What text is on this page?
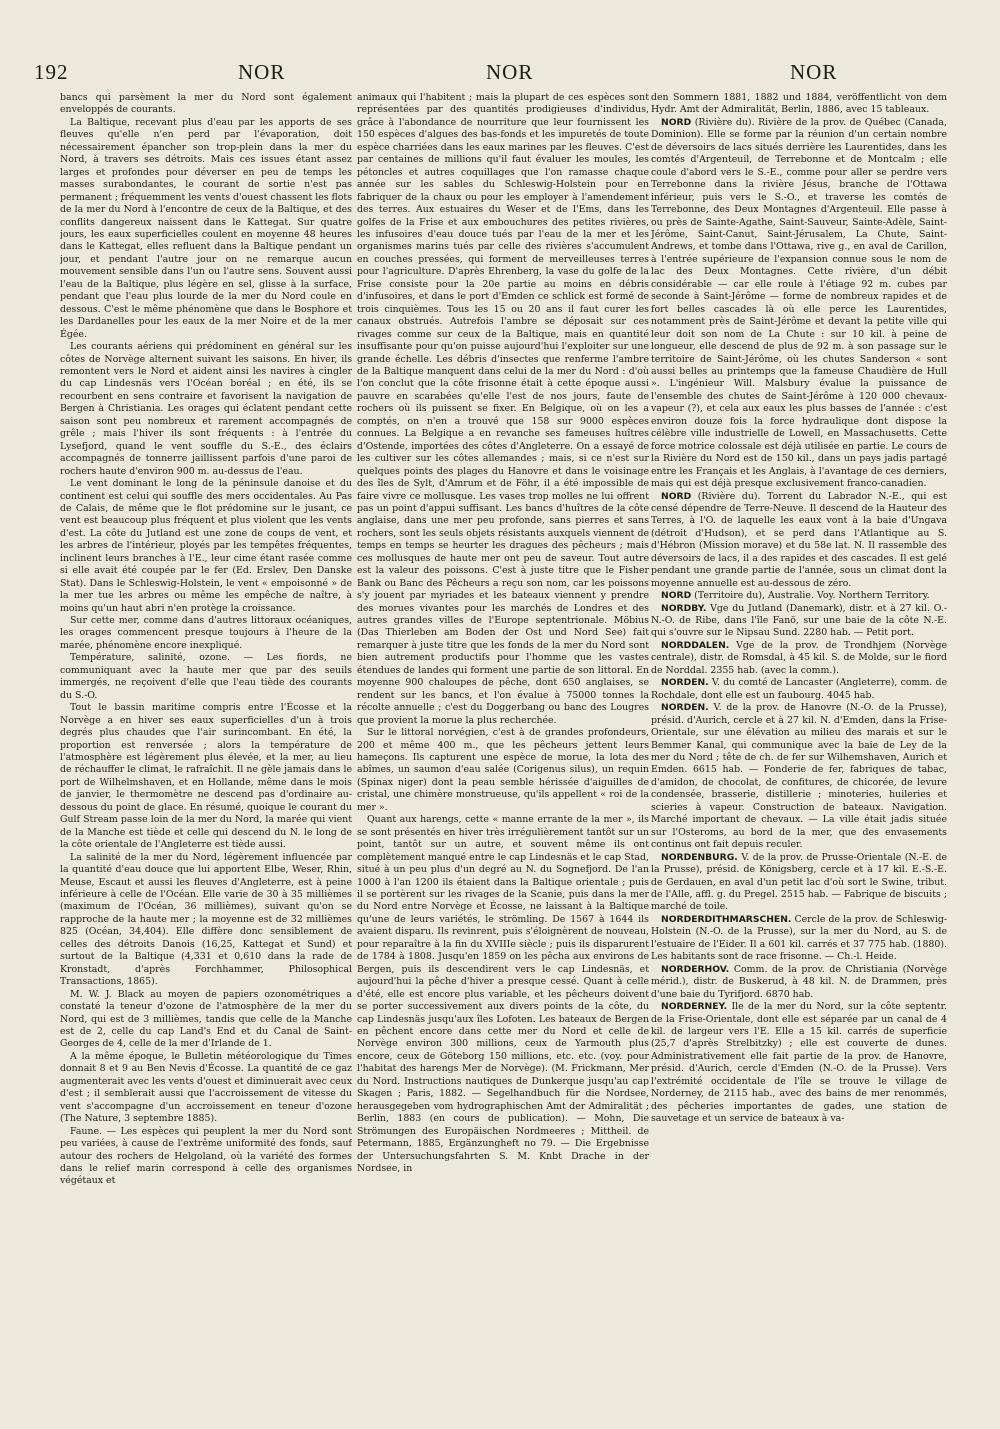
192	NOR	NOR	NOR

bancs qui parsèment la mer du Nord sont également enveloppés de courants.

La Baltique, recevant plus d'eau par les apports de ses fleuves qu'elle n'en perd par l'évaporation, doit nécessairement épancher son trop-plein dans la mer du Nord, à travers ses détroits. Mais ces issues étant assez larges et profondes pour déverser en peu de temps les masses surabondantes, le courant de sortie n'est pas permanent ; fréquemment les vents d'ouest chassent les flots de la mer du Nord à l'encontre de ceux de la Baltique, et des conflits dangereux naissent dans le Kattegat. Sur quatre jours, les eaux superficielles coulent en moyenne 48 heures dans le Kattegat, elles refluent dans la Baltique pendant un jour, et pendant l'autre jour on ne remarque aucun mouvement sensible dans l'un ou l'autre sens. Souvent aussi l'eau de la Baltique, plus légère en sel, glisse à la surface, pendant que l'eau plus lourde de la mer du Nord coule en dessous. C'est le même phénomène que dans le Bosphore et les Dardanelles pour les eaux de la mer Noire et de la mer Égée.

Les courants aériens qui prédominent en général sur les côtes de Norvège alternent suivant les saisons. En hiver, ils remontent vers le Nord et aident ainsi les navires à cingler du cap Lindesnäs vers l'Océan boréal ; en été, ils se recourbent en sens contraire et favorisent la navigation de Bergen à Christiania. Les orages qui éclatent pendant cette saison sont peu nombreux et rarement accompagnés de grêle ; mais l'hiver ils sont fréquents : à l'entrée du Lysefjord, quand le vent souffle du S.-E., des éclairs accompagnés de tonnerre jaillissent parfois d'une paroi de rochers haute d'environ 900 m. au-dessus de l'eau.

Le vent dominant le long de la péninsule danoise et du continent est celui qui souffle des mers occidentales. Au Pas de Calais, de même que le flot prédomine sur le jusant, ce vent est beaucoup plus fréquent et plus violent que les vents d'est. La côte du Jutland est une zone de coups de vent, et les arbres de l'intérieur, ployés par les tempêtes fréquentes, inclinent leurs branches à l'E., leur cime étant rasée comme si elle avait été coupée par le fer (Ed. Erslev, Den Danske Stat). Dans le Schleswig-Holstein, le vent « empoisonné » de la mer tue les arbres ou même les empêche de naître, à moins qu'un haut abri n'en protège la croissance.

Sur cette mer, comme dans d'autres littoraux océaniques, les orages commencent presque toujours à l'heure de la marée, phénomène encore inexpliqué.

Température, salinité, ozone. — Les fiords, ne communiquant avec la haute mer que par des seuils immergés, ne reçoivent d'elle que l'eau tiède des courants du S.-O.

Tout le bassin maritime compris entre l'Écosse et la Norvège a en hiver ses eaux superficielles d'un à trois degrés plus chaudes que l'air surincombant. En été, la proportion est renversée ; alors la température de l'atmosphère est légèrement plus élevée, et la mer, au lieu de réchauffer le climat, le rafraîchit. Il ne gèle jamais dans le port de Wilhelmshaven, et en Hollande, même dans le mois de janvier, le thermomètre ne descend pas d'ordinaire au-dessous du point de glace. En résumé, quoique le courant du Gulf Stream passe loin de la mer du Nord, la marée qui vient de la Manche est tiède et celle qui descend du N. le long de la côte orientale de l'Angleterre est tiède aussi.

La salinité de la mer du Nord, légèrement influencée par la quantité d'eau douce que lui apportent Elbe, Weser, Rhin, Meuse, Escaut et aussi les fleuves d'Angleterre, est à peine inférieure à celle de l'Océan. Elle varie de 30 à 35 millièmes (maximum de l'Océan, 36 millièmes), suivant qu'on se rapproche de la haute mer ; la moyenne est de 32 millièmes 825 (Océan, 34,404). Elle diffère donc sensiblement de celles des détroits Danois (16,25, Kattegat et Sund) et surtout de la Baltique (4,331 et 0,610 dans la rade de Kronstadt, d'après Forchhammer, Philosophical Transactions, 1865).

M. W. J. Black au moyen de papiers ozonométriques a constaté la teneur d'ozone de l'atmosphère de la mer du Nord, qui est de 3 millièmes, tandis que celle de la Manche est de 2, celle du cap Land's End et du Canal de Saint-Georges de 4, celle de la mer d'Irlande de 1.

A la même époque, le Bulletin météorologique du Times donnait 8 et 9 au Ben Nevis d'Écosse. La quantité de ce gaz augmenterait avec les vents d'ouest et diminuerait avec ceux d'est ; il semblerait aussi que l'accroissement de vitesse du vent s'accompagne d'un accroissement en teneur d'ozone (The Nature, 3 septembre 1885).

Faune. — Les espèces qui peuplent la mer du Nord sont peu variées, à cause de l'extrême uniformité des fonds, sauf autour des rochers de Helgoland, où la variété des formes dans le relief marin correspond à celle des organismes végétaux et

animaux qui l'habitent ; mais la plupart de ces espèces sont représentées par des quantités prodigieuses d'individus, grâce à l'abondance de nourriture que leur fournissent les 150 espèces d'algues des bas-fonds et les impuretés de toute espèce charriées dans les eaux marines par les fleuves. C'est par centaines de millions qu'il faut évaluer les moules, les pétoncles et autres coquillages que l'on ramasse chaque année sur les sables du Schleswig-Holstein pour en fabriquer de la chaux ou pour les employer à l'amendement des terres. Aux estuaires du Weser et de l'Ems, dans les golfes de la Frise et aux embouchures des petites rivières, les infusoires d'eau douce tués par l'eau de la mer et les organismes marins tués par celle des rivières s'accumulent en couches pressées, qui forment de merveilleuses terres pour l'agriculture. D'après Ehrenberg, la vase du golfe de la Frise consiste pour la 20e partie au moins en débris d'infusoires, et dans le port d'Emden ce schlick est formé de trois cinquièmes. Tous les 15 ou 20 ans il faut curer les canaux obstrués. Autrefois l'ambre se déposait sur ces rivages comme sur ceux de la Baltique, mais en quantité insuffisante pour qu'on puisse aujourd'hui l'exploiter sur une grande échelle. Les débris d'insectes que renferme l'ambre de la Baltique manquent dans celui de la mer du Nord : d'où l'on conclut que la côte frisonne était à cette époque aussi pauvre en scarabées qu'elle l'est de nos jours, faute de rochers où ils puissent se fixer. En Belgique, où on les a comptés, on n'en a trouvé que 158 sur 9000 espèces connues. La Belgique a en revanche ses fameuses huîtres d'Ostende, importées des côtes d'Angleterre. On a essayé de les cultiver sur les côtes allemandes ; mais, si ce n'est sur quelques points des plages du Hanovre et dans le voisinage des îles de Sylt, d'Amrum et de Föhr, il a été impossible de faire vivre ce mollusque. Les vases trop molles ne lui offrent pas un point d'appui suffisant. Les bancs d'huîtres de la côte anglaise, dans une mer peu profonde, sans pierres et sans rochers, sont les seuls objets résistants auxquels viennent de temps en temps se heurter les dragues des pêcheurs ; mais ces mollusques de haute mer ont peu de saveur. Tout autre est la valeur des poissons. C'est à juste titre que le Fisher Bank ou Banc des Pêcheurs a reçu son nom, car les poissons s'y jouent par myriades et les bateaux viennent y prendre des morues vivantes pour les marchés de Londres et des autres grandes villes de l'Europe septentrionale. Möbius (Das Thierleben am Boden der Ost und Nord See) fait remarquer à juste titre que les fonds de la mer du Nord sont bien autrement productifs pour l'homme que les vastes étendues de landes qui forment une partie de son littoral. En moyenne 900 chaloupes de pêche, dont 650 anglaises, se rendent sur les bancs, et l'on évalue à 75000 tonnes la récolte annuelle ; c'est du Doggerbang ou banc des Lougres que provient la morue la plus recherchée.

Sur le littoral norvégien, c'est à de grandes profondeurs, 200 et même 400 m., que les pêcheurs jettent leurs hameçons. Ils capturent une espèce de morue, la lota des abîmes, un saumon d'eau salée (Corigenus silus), un requin (Spinax niger) dont la peau semble hérissée d'aiguilles de cristal, une chimère monstrueuse, qu'ils appellent « roi de la mer ».

Quant aux harengs, cette « manne errante de la mer », ils se sont présentés en hiver très irrégulièrement tantôt sur un point, tantôt sur un autre, et souvent même ils ont complètement manqué entre le cap Lindesnäs et le cap Stad, situé à un peu plus d'un degré au N. du Sognefjord. De l'an 1000 à l'an 1200 ils étaient dans la Baltique orientale ; puis il se portèrent sur les rivages de la Scanie, puis dans la mer du Nord entre Norvège et Écosse, ne laissant à la Baltique qu'une de leurs variétés, le strömling. De 1567 à 1644 ils avaient disparu. Ils revinrent, puis s'éloignèrent de nouveau, pour reparaître à la fin du XVIIIe siècle ; puis ils disparurent de 1784 à 1808. Jusqu'en 1859 on les pêcha aux environs de Bergen, puis ils descendirent vers le cap Lindesnäs, et aujourd'hui la pêche d'hiver a presque cessé. Quant à celle d'été, elle est encore plus variable, et les pêcheurs doivent se porter successivement aux divers points de la côte, du cap Lindesnäs jusqu'aux îles Lofoten. Les bateaux de Bergen en pêchent encore dans cette mer du Nord et celle de Norvège environ 300 millions, ceux de Yarmouth plus encore, ceux de Göteborg 150 millions, etc. etc. (voy. pour l'habitat des harengs Mer de Norvège). (M. Frickmann, Mer du Nord. Instructions nautiques de Dunkerque jusqu'au cap Skagen ; Paris, 1882. — Segelhandbuch für die Nordsee, herausgegeben vom hydrographischen Amt der Admiralität ; Berlin, 1883 (en cours de publication). — Mohn, Die Strömungen des Europäischen Nordmeeres ; Mittheil. de Petermann, 1885, Ergänzungheft no 79. — Die Ergebnisse der Untersuchungsfahrten S. M. Knbt Drache in der Nordsee, in

den Sommern 1881, 1882 und 1884, veröffentlicht von dem Hydr. Amt der Admiralität, Berlin, 1886, avec 15 tableaux.

NORD (Rivière du). Rivière de la prov. de Québec (Canada, Dominion). Elle se forme par la réunion d'un certain nombre de déversoirs de lacs situés derrière les Laurentides, dans les comtés d'Argenteuil, de Terrebonne et de Montcalm ; elle coule d'abord vers le S.-E., comme pour aller se perdre vers Terrebonne dans la rivière Jésus, branche de l'Ottawa inférieur, puis vers le S.-O., et traverse les comtés de Terrebonne, des Deux Montagnes d'Argenteuil. Elle passe à ou près de Sainte-Agathe, Saint-Sauveur, Sainte-Adèle, Saint-Jérôme, Saint-Canut, Saint-Jérusalem, La Chute, Saint-Andrews, et tombe dans l'Ottawa, rive g., en aval de Carillon, à l'entrée supérieure de l'expansion connue sous le nom de lac des Deux Montagnes. Cette rivière, d'un débit considérable — car elle roule à l'étiage 92 m. cubes par seconde à Saint-Jérôme — forme de nombreux rapides et de fort belles cascades là où elle perce les Laurentides, notamment près de Saint-Jérôme et devant la petite ville qui leur doit son nom de La Chute : sur 10 kil. à peine de longueur, elle descend de plus de 92 m. à son passage sur le territoire de Saint-Jérôme, où les chutes Sanderson « sont aussi belles au printemps que la fameuse Chaudière de Hull ». L'ingénieur Will. Malsbury évalue la puissance de l'ensemble des chutes de Saint-Jérôme à 120 000 chevaux-vapeur (?), et cela aux eaux les plus basses de l'année : c'est environ douze fois la force hydraulique dont dispose la célèbre ville industrielle de Lowell, en Massachusetts. Cette force motrice colossale est déjà utilisée en partie. Le cours de la Rivière du Nord est de 150 kil., dans un pays jadis partagé entre les Français et les Anglais, à l'avantage de ces derniers, mais qui est déjà presque exclusivement franco-canadien.

NORD (Rivière du). Torrent du Labrador N.-E., qui est censé dépendre de Terre-Neuve. Il descend de la Hauteur des Terres, à l'O. de laquelle les eaux vont à la baie d'Ungava (détroit d'Hudson), et se perd dans l'Atlantique au S. d'Hébron (Mission morave) et du 58e lat. N. Il rassemble des déversoirs de lacs, il a des rapides et des cascades. Il est gelé pendant une grande partie de l'année, sous un climat dont la moyenne annuelle est au-dessous de zéro.

NORD (Territoire du), Australie. Voy. Northern Territory.

NORDBY. Vge du Jutland (Danemark), distr. et à 27 kil. O.-N.-O. de Ribe, dans l'île Fanö, sur une baie de la côte N.-E. qui s'ouvre sur le Nipsau Sund. 2280 hab. — Petit port.

NORDDALEN. Vge de la prov. de Trondhjem (Norvège centrale), distr. de Romsdal, à 45 kil. S. de Molde, sur le fiord de Norddal. 2355 hab. (avec la comm.).

NORDEN. V. du comté de Lancaster (Angleterre), comm. de Rochdale, dont elle est un faubourg. 4045 hab.

NORDEN. V. de la prov. de Hanovre (N.-O. de la Prusse), présid. d'Aurich, cercle et à 27 kil. N. d'Emden, dans la Frise-Orientale, sur une élévation au milieu des marais et sur le Bemmer Kanal, qui communique avec la baie de Ley de la mer du Nord ; tête de ch. de fer sur Wilhemshaven, Aurich et Emden. 6615 hab. — Fonderie de fer, fabriques de tabac, d'amidon, de chocolat, de confitures, de chicorée, de levure condensée, brasserie, distillerie ; minoteries, huileries et scieries à vapeur. Construction de bateaux. Navigation. Marché important de chevaux. — La ville était jadis située sur l'Osteroms, au bord de la mer, que des envasements continus ont fait depuis reculer.

NORDENBURG. V. de la prov. de Prusse-Orientale (N.-E. de la Prusse), présid. de Königsberg, cercle et à 17 kil. E.-S.-E. de Gerdauen, en aval d'un petit lac d'où sort le Swine, tribut. de l'Alle, affl. g. du Pregel. 2515 hab. — Fabrique de biscuits ; marché de toile.

NORDERDITHMARSCHEN. Cercle de la prov. de Schleswig-Holstein (N.-O. de la Prusse), sur la mer du Nord, au S. de l'estuaire de l'Eider. Il a 601 kil. carrés et 37 775 hab. (1880). Les habitants sont de race frisonne. — Ch.-l. Heide.

NORDERHOV. Comm. de la prov. de Christiania (Norvège mérid.), distr. de Buskerud, à 48 kil. N. de Drammen, près d'une baie du Tyrifjord. 6870 hab.

NORDERNEY. Ile de la mer du Nord, sur la côte septentr. de la Frise-Orientale, dont elle est séparée par un canal de 4 kil. de largeur vers l'E. Elle a 15 kil. carrés de superficie (25,7 d'après Strelbitzky) ; elle est couverte de dunes. Administrativement elle fait partie de la prov. de Hanovre, présid. d'Aurich, cercle d'Emden (N.-O. de la Prusse). Vers l'extrémité occidentale de l'île se trouve le village de Norderney, de 2115 hab., avec des bains de mer renommés, des pêcheries importantes de gades, une station de sauvetage et un service de bateaux à va-
